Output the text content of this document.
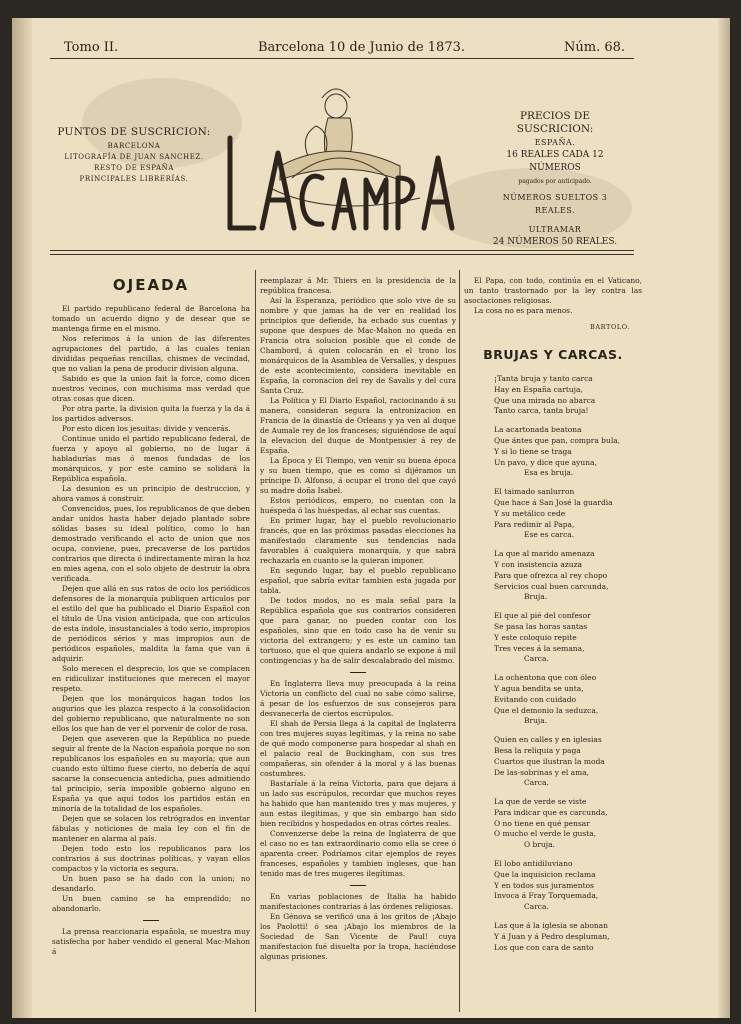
Tomo II.	Barcelona 10 de Junio de 1873.	Núm. 68.
PUNTOS DE SUSCRICION:
BARCELONA
LITOGRAFÍA DE JUAN SANCHEZ.
RESTO DE ESPAÑA
PRINCIPALES LIBRERÍAS.
PRECIOS DE SUSCRICION:
ESPAÑA.
16 REALES CADA 12 NÚMEROS
pagados por anticipado.
NÚMEROS SUELTOS 3 REALES.
ULTRAMAR
24 NÚMEROS 50 REALES.
OJEADA

El partido republicano federal de Barcelona ha tomado un acuerdo digno y de desear que se mantenga firme en el mismo.

Nos referimos á la union de las diferentes agrupaciones del partido, á las cuales tenian divididas pequeñas rencillas, chismes de vecindad, que no valian la pena de producir division alguna.

Sabido es que la union fait la force, como dicen nuestros vecinos, con muchisima mas verdad que otras cosas que dicen.

Por otra parte, la division quita la fuerza y la da á los partidos adversos.

Por esto dicen los jesuitas: divide y vencerás.

Continue unido el partido republicano federal, de fuerza y apoyo al gobierno, no de lugar á habladurías mas ó menos fundadas de los monárquicos, y por este camino se solidará la República española.

La desunion es un principio de destruccion, y ahora vamos á construir.

Convencidos, pues, los republicanos de que deben andar unidos hasta haber dejado plantado sobre sólidas bases su ideal político, como lo han demostrado verificando el acto de union que nos ocupa, conviene, pues, precaverse de los partidos contrarios que directa ó indirectamente miran la hoz en mies agena, con el solo objeto de destruir la obra verificada.

Dejen que allá en sus ratos de ocio los periódicos defensores de la monarquía publiquen articulos por el estilo del que ha publicado el Diario Español con el título de Una vision anticipada, que con articulos de esta índole, insustanciales á todo serio, impropios de periódicos sérios y mas impropios aun de periódicos españoles, maldita la fama que van á adquirir.

Solo merecen el desprecio, los que se complacen en ridiculizar instituciones que merecen el mayor respeto.

Dejen que los monárquicos hagan todos los augurios que les plazca respecto á la consolidacion del gobierno republicano, que naturalmente no son ellos los que han de ver el porvenir de color de rosa.

Dejen que aseveren que la República no puede seguir al frente de la Nacion española porque no son republicanos los españoles en su mayoría; que aun cuando esto último fuese cierto, no debería de aquí sacarse la consecuencia antedicha, pues admitiendo tal principio, sería imposible gobierno alguno en España ya que aquí todos los partidos están en minoría de la totalidad de los españoles.

Dejen que se solacen los retrógrados en inventar fábulas y noticiones de mala ley con el fin de mantener en alarma al país.

Dejen todo esto los republicanos para los contrarios á sus doctrinas políticas, y vayan ellos compactos y la victoria es segura.

Un buen paso se ha dado con la union; no desandarlo.

Un buen camino se ha emprendido; no abandonarlo.

La prensa reaccionaria española, se muestra muy satisfecha por haber vendido el general Mac-Mahon á

reemplazar á Mr. Thiers en la presidencia de la república francesa.

Así la Esperanza, periódico que solo vive de su nombre y que jamas ha de ver en realidad los principios que defiende, ha echado sus cuentas y supone que despues de Mac-Mahon no queda en Francia otra solucion posible que el conde de Chambord, á quien colocarán en el trono los monárquicos de la Asamblea de Versalles, y despues de este acontecimiento, considera inevitable en España, la coronacion del rey de Savalis y del cura Santa Cruz.

La Política y El Diario Español, raciocinando á su manera, consideran segura la entronizacion en Francia de la dinastía de Orleans y ya ven al duque de Aumale rey de los franceses; siguiéndose de aquí la elevacion del duque de Montpensier á rey de España.

La Época y El Tiempo, ven venir su buena época y su buen tiempo, que es como si dijéramos un príncipe D. Alfonso, á ocupar el trono del que cayó su madre doña Isabel.

Estos periódicos, empero, no cuentan con la huéspeda ó las huéspedas, al echar sus cuentas.

En primer lugar, hay el pueblo revolucionario francés, que en las próximas pasadas elecciones ha manifestado claramente sus tendencias nada favorables á cualquiera monarquía, y que sabrá rechazarla en cuanto se la quieran imponer.

En segundo lugar, hay el pueblo republicano español, que sabría evitar tambien esta jugada por tabla.

De todos modos, no es mala señal para la República española que sus contrarios consideren que para ganar, no pueden contar con los españoles, sino que en todo caso ha de venir su victoria del extrangero; y es este un camino tan tortuoso, que el que quiera andarlo se expone á mil contingencias y ha de salir descalabrado del mismo.

En Inglaterra lleva muy preocupada á la reina Victoria un conflicto del cual no sabe cómo salirse, á pesar de los esfuerzos de sus consejeros para desvanecerla de ciertos escrúpulos.

El shah de Persia llega á la capital de Inglaterra con tres mujeres suyas legítimas, y la reina no sabe de qué modo componerse para hospedar al shah en el palacio real de Buckingham, con sus tres compañeras, sin ofender á la moral y á las buenas costumbres.

Bastaríale á la reina Victoria, para que dejara á un lado sus escrúpulos, recordar que muchos reyes ha habido que han mantenido tres y mas mujeres, y aun estas ilegítimas, y que sin embargo han sido bien recibidos y hospedados en otras córtes reales.

Convenzerse debe la reina de Inglaterra de que el caso no es tan extraordinario como ella se cree ó aparenta creer. Podríamos citar ejemplos de reyes franceses, españoles y tambien ingleses, que han tenido mas de tres mugeres ilegítimas.

En varias poblaciones de Italia ha habido manifestaciones contrarias á las órdenes religiosas.

En Génova se verificó una á los gritos de ¡Abajo los Paolotti! ó sea ¡Abajo los miembros de la Sociedad de San Vicente de Paul! cuya manifestacion fué disuelta por la tropa, haciéndose algunas prisiones.

El Papa, con todo, continúa en el Vaticano, un tanto trastornado por la ley contra las asociaciones religiosas.

La cosa no es para menos.

BARTOLO.
BRUJAS Y CARCAS.
¡Tanta bruja y tanto carca
Hay en España cartuja,
Que una mirada no abarca
Tanto carca, tanta bruja!
La acartonada beatona
Que ántes que pan, compra bula,
Y si lo tiene se traga
Un pavo, y dice que ayuna,
Esa es bruja.
El taimado sanlurron
Que hace á San José la guardia
Y su metálico cede
Para redimir al Papa,
Ese es carca.
La que al marido amenaza
Y con insistencia azuza
Para que ofrezca al rey chopo
Servicios cual buen carcunda,
Bruja.
El que al pié del confesor
Se pasa las horas santas
Y este coloquio repite
Tres veces á la semana,
Carca.
La ochentona que con óleo
Y agua bendita se unta,
Evitando con cuidado
Que el demonio la seduzca,
Bruja.
Quien en calles y en iglesias
Besa la reliquia y paga
Cuartos que ilustran la moda
De las-sobrinas y el ama,
Carca.
La que de verde se viste
Para indicar que es carcunda,
O no tiene en qué pensar
O mucho el verde le gusta,
O bruja.
El lobo antidiluviano
Que la inquisicion reclama
Y en todos sus juramentos
Invoca á Fray Torquemada,
Carca.
Las que á la iglesia se abonan
Y á Juan y á Pedro despluman,
Los que con cara de santo
